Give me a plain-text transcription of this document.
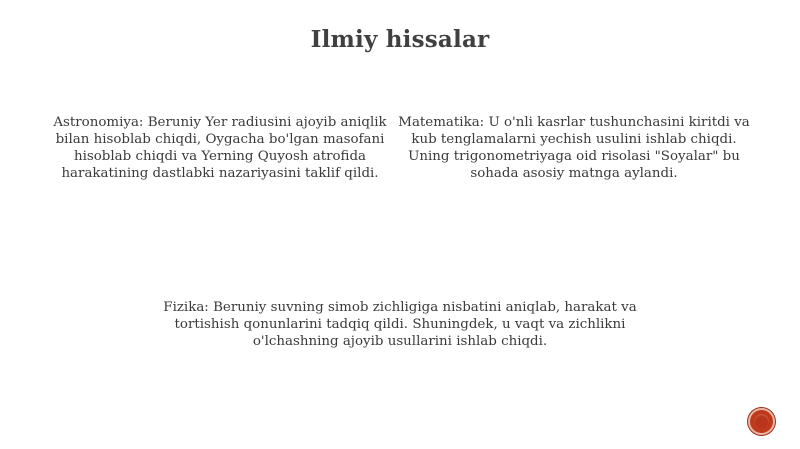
Ilmiy hissalar
Astronomiya: Beruniy Yer radiusini ajoyib aniqlik bilan hisoblab chiqdi, Oygacha bo'lgan masofani hisoblab chiqdi va Yerning Quyosh atrofida harakatining dastlabki nazariyasini taklif qildi.
Matematika: U o'nli kasrlar tushunchasini kiritdi va kub tenglamalarni yechish usulini ishlab chiqdi. Uning trigonometriyaga oid risolasi "Soyalar" bu sohada asosiy matnga aylandi.
Fizika: Beruniy suvning simob zichligiga nisbatini aniqlab, harakat va tortishish qonunlarini tadqiq qildi. Shuningdek, u vaqt va zichlikni o'lchashning ajoyib usullarini ishlab chiqdi.
